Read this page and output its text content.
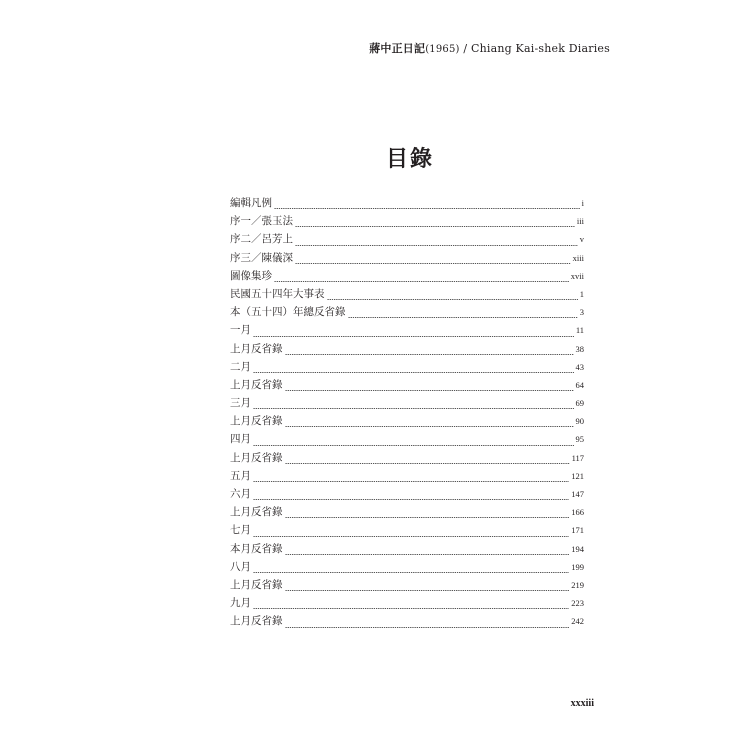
蔣中正日記(1965) / Chiang Kai-shek Diaries
目錄
編輯凡例	i
序一／張玉法	iii
序二／呂芳上	v
序三／陳儀深	xiii
圖像集珍	xvii
民國五十四年大事表	1
本（五十四）年總反省錄	3
一月	11
上月反省錄	38
二月	43
上月反省錄	64
三月	69
上月反省錄	90
四月	95
上月反省錄	117
五月	121
六月	147
上月反省錄	166
七月	171
本月反省錄	194
八月	199
上月反省錄	219
九月	223
上月反省錄	242
xxxiii
